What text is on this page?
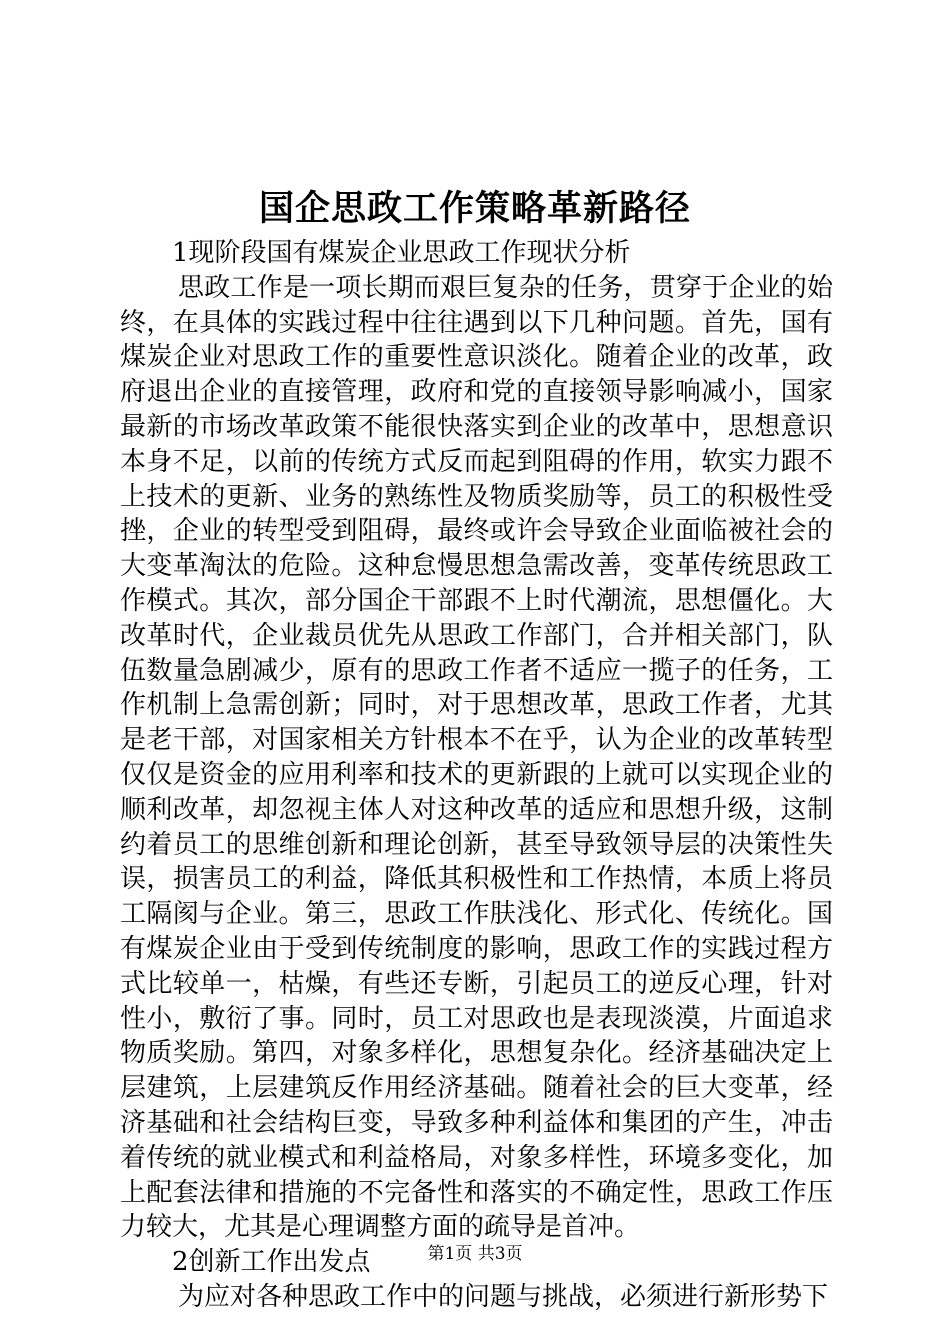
国企思政工作策略革新路径

1现阶段国有煤炭企业思政工作现状分析

思政工作是一项长期而艰巨复杂的任务，贯穿于企业的始终，在具体的实践过程中往往遇到以下几种问题。首先，国有煤炭企业对思政工作的重要性意识淡化。随着企业的改革，政府退出企业的直接管理，政府和党的直接领导影响减小，国家最新的市场改革政策不能很快落实到企业的改革中，思想意识本身不足，以前的传统方式反而起到阻碍的作用，软实力跟不上技术的更新、业务的熟练性及物质奖励等，员工的积极性受挫，企业的转型受到阻碍，最终或许会导致企业面临被社会的大变革淘汰的危险。这种怠慢思想急需改善，变革传统思政工作模式。其次，部分国企干部跟不上时代潮流，思想僵化。大改革时代，企业裁员优先从思政工作部门，合并相关部门，队伍数量急剧减少，原有的思政工作者不适应一揽子的任务，工作机制上急需创新；同时，对于思想改革，思政工作者，尤其是老干部，对国家相关方针根本不在乎，认为企业的改革转型仅仅是资金的应用利率和技术的更新跟的上就可以实现企业的顺利改革，却忽视主体人对这种改革的适应和思想升级，这制约着员工的思维创新和理论创新，甚至导致领导层的决策性失误，损害员工的利益，降低其积极性和工作热情，本质上将员工隔阂与企业。第三，思政工作肤浅化、形式化、传统化。国有煤炭企业由于受到传统制度的影响，思政工作的实践过程方式比较单一，枯燥，有些还专断，引起员工的逆反心理，针对性小，敷衍了事。同时，员工对思政也是表现淡漠，片面追求物质奖励。第四，对象多样化，思想复杂化。经济基础决定上层建筑，上层建筑反作用经济基础。随着社会的巨大变革，经济基础和社会结构巨变，导致多种利益体和集团的产生，冲击着传统的就业模式和利益格局，对象多样性，环境多变化，加上配套法律和措施的不完备性和落实的不确定性，思政工作压力较大，尤其是心理调整方面的疏导是首冲。

2创新工作出发点

为应对各种思政工作中的问题与挑战，必须进行新形势下

第1页 共3页
